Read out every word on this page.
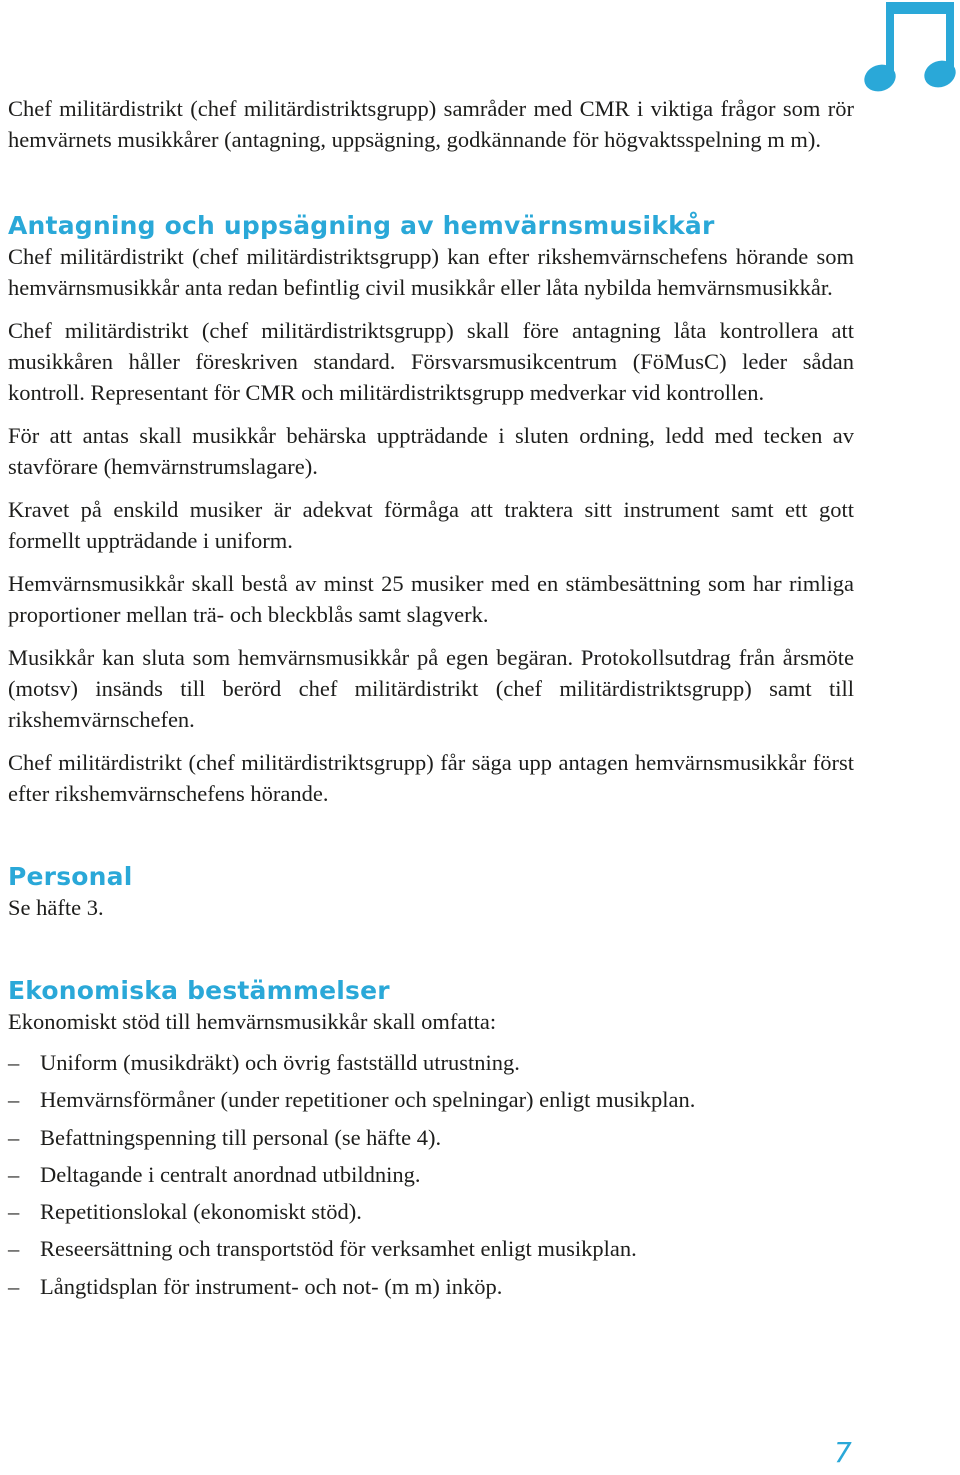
Chef militärdistrikt (chef militärdistriktsgrupp) samråder med CMR i viktiga frågor som rör hemvärnets musikkårer (antagning, uppsägning, godkännande för högvaktsspelning m m).

Antagning och uppsägning av hemvärnsmusikkår

Chef militärdistrikt (chef militärdistriktsgrupp) kan efter rikshemvärnschefens hörande som hemvärnsmusikkår anta redan befintlig civil musikkår eller låta nybilda hemvärnsmusikkår.

Chef militärdistrikt (chef militärdistriktsgrupp) skall före antagning låta kontrollera att musikkåren håller föreskriven standard. Försvarsmusikcentrum (FöMusC) leder sådan kontroll. Representant för CMR och militärdistriktsgrupp medverkar vid kontrollen.

För att antas skall musikkår behärska uppträdande i sluten ordning, ledd med tecken av stavförare (hemvärnstrumslagare).

Kravet på enskild musiker är adekvat förmåga att traktera sitt instrument samt ett gott formellt uppträdande i uniform.

Hemvärnsmusikkår skall bestå av minst 25 musiker med en stämbesättning som har rimliga proportioner mellan trä- och bleckblås samt slagverk.

Musikkår kan sluta som hemvärnsmusikkår på egen begäran. Protokollsutdrag från årsmöte (motsv) insänds till berörd chef militärdistrikt (chef militärdistriktsgrupp) samt till rikshemvärnschefen.

Chef militärdistrikt (chef militärdistriktsgrupp) får säga upp antagen hemvärnsmusikkår först efter rikshemvärnschefens hörande.

Personal

Se häfte 3.

Ekonomiska bestämmelser

Ekonomiskt stöd till hemvärnsmusikkår skall omfatta:

– Uniform (musikdräkt) och övrig fastställd utrustning.
– Hemvärnsförmåner (under repetitioner och spelningar) enligt musikplan.
– Befattningspenning till personal (se häfte 4).
– Deltagande i centralt anordnad utbildning.
– Repetitionslokal (ekonomiskt stöd).
– Reseersättning och transportstöd för verksamhet enligt musikplan.
– Långtidsplan för instrument- och not- (m m) inköp.
7
